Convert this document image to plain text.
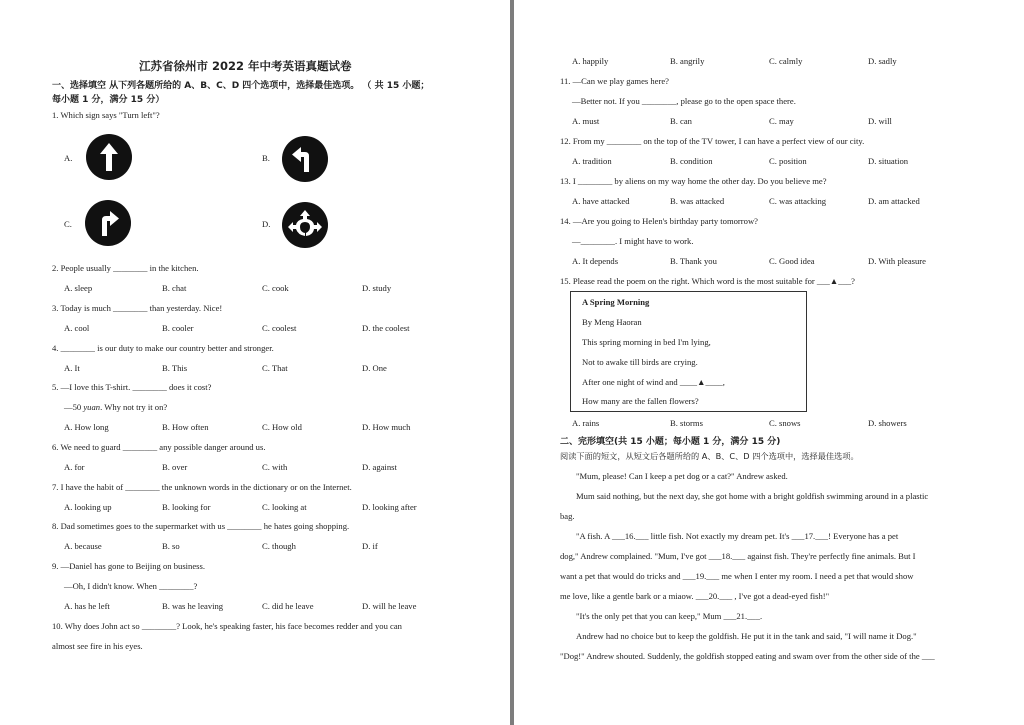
江苏省徐州市 2022 年中考英语真题试卷
一、选择填空 从下列各题所给的 A、B、C、D 四个选项中，选择最佳选项。 （ 共 15 小题；
每小题 1 分，满分 15 分）
1. Which sign says "Turn left"?
A.	B.
C.	D.
2. People usually ________ in the kitchen.
A. sleep	B. chat	C. cook	D. study
3. Today is much ________ than yesterday. Nice!
A. cool	B. cooler	C. coolest	D. the coolest
4. ________ is our duty to make our country better and stronger.
A. It	B. This	C. That	D. One
5. —I love this T-shirt. ________ does it cost?
—50 yuan. Why not try it on?
A. How long	B. How often	C. How old	D. How much
6. We need to guard ________ any possible danger around us.
A. for	B. over	C. with	D. against
7. I have the habit of ________ the unknown words in the dictionary or on the Internet.
A. looking up	B. looking for	C. looking at	D. looking after
8. Dad sometimes goes to the supermarket with us ________ he hates going shopping.
A. because	B. so	C. though	D. if
9. —Daniel has gone to Beijing on business.
—Oh, I didn't know. When ________?
A. has he left	B. was he leaving	C. did he leave	D. will he leave
10. Why does John act so ________? Look, he's speaking faster, his face becomes redder and you can
almost see fire in his eyes.
A. happily	B. angrily	C. calmly	D. sadly
11. —Can we play games here?
—Better not. If you ________, please go to the open space there.
A. must	B. can	C. may	D. will
12. From my ________ on the top of the TV tower, I can have a perfect view of our city.
A. tradition	B. condition	C. position	D. situation
13. I ________ by aliens on my way home the other day. Do you believe me?
A. have attacked	B. was attacked	C. was attacking	D. am attacked
14. —Are you going to Helen's birthday party tomorrow?
—________. I might have to work.
A. It depends	B. Thank you	C. Good idea	D. With pleasure
15. Please read the poem on the right. Which word is the most suitable for ___▲___?
A Spring Morning
By Meng Haoran
This spring morning in bed I'm lying,
Not to awake till birds are crying.
After one night of wind and ____▲____,
How many are the fallen flowers?
A. rains	B. storms	C. snows	D. showers
二、完形填空(共 15 小题；每小题 1 分，满分 15 分)
阅读下面的短文，从短文后各题所给的 A、B、C、D 四个选项中，选择最佳选项。
"Mum, please! Can I keep a pet dog or a cat?" Andrew asked.
Mum said nothing, but the next day, she got home with a bright goldfish swimming around in a plastic
bag.
"A fish. A ___16.___ little fish. Not exactly my dream pet. It's ___17.___! Everyone has a pet
dog," Andrew complained. "Mum, I've got ___18.___ against fish. They're perfectly fine animals. But I
want a pet that would do tricks and ___19.___ me when I enter my room. I need a pet that would show
me love, like a gentle bark or a miaow. ___20.___ , I've got a dead-eyed fish!"
"It's the only pet that you can keep," Mum ___21.___.
Andrew had no choice but to keep the goldfish. He put it in the tank and said, "I will name it Dog."
"Dog!" Andrew shouted. Suddenly, the goldfish stopped eating and swam over from the other side of the ___
